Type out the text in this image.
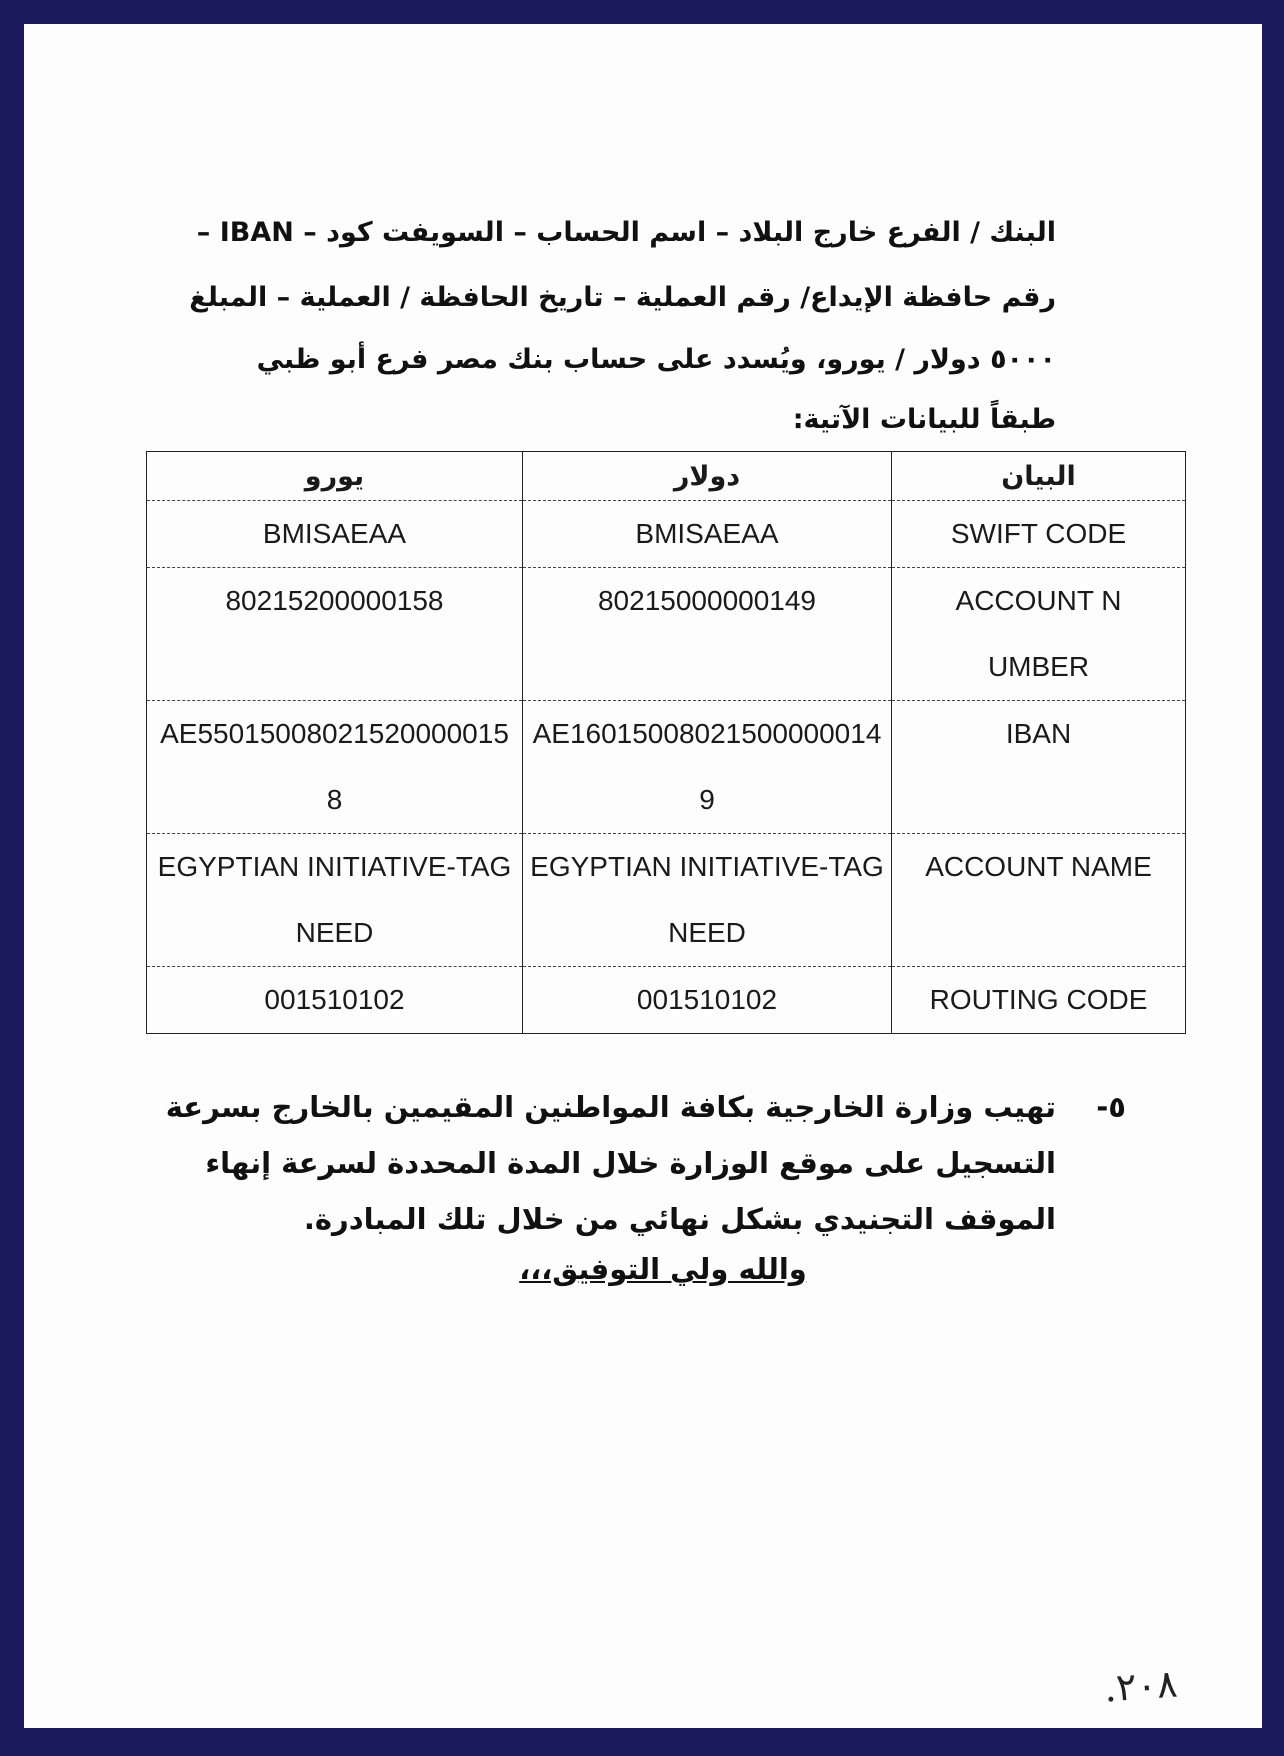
البنك / الفرع خارج البلاد – اسم الحساب – السويفت كود – IBAN –
رقم حافظة الإيداع/ رقم العملية – تاريخ الحافظة / العملية – المبلغ
٥٠٠٠ دولار / يورو، ويُسدد على حساب بنك مصر فرع أبو ظبي
طبقاً للبيانات الآتية:
البيان	دولار	يورو
SWIFT CODE	BMISAEAA	BMISAEAA
ACCOUNT NUMBER	80215000000149	80215200000158
IBAN	AE160150080215000000149	AE550150080215200000158
ACCOUNT NAME	EGYPTIAN INITIATIVE-TAGNEED	EGYPTIAN INITIATIVE-TAGNEED
ROUTING CODE	001510102	001510102
٥-
تهيب وزارة الخارجية بكافة المواطنين المقيمين بالخارج بسرعة التسجيل على موقع الوزارة خلال المدة المحددة لسرعة إنهاء الموقف التجنيدي بشكل نهائي من خلال تلك المبادرة.
والله ولي التوفيق،،،
٢٠٨.
